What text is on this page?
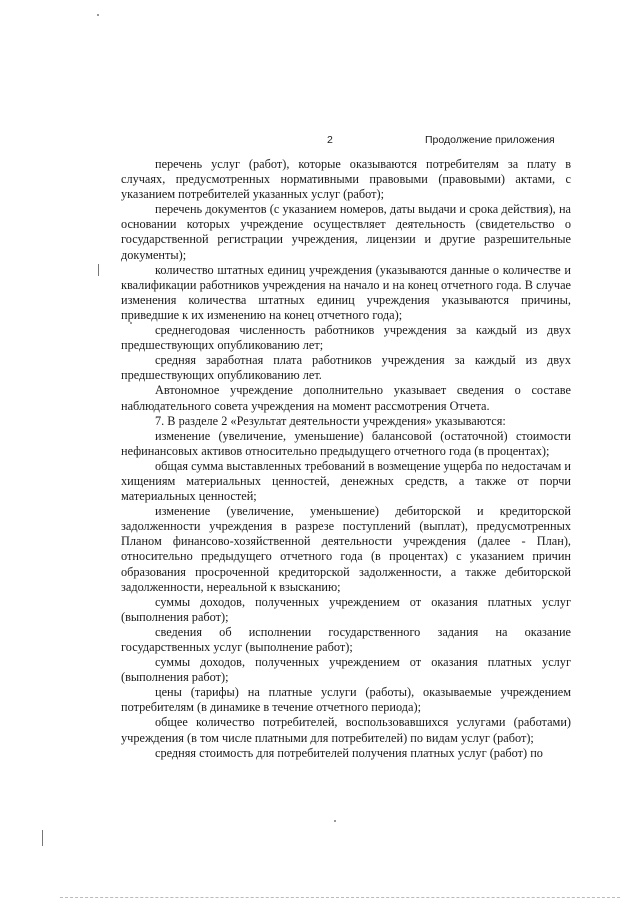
2	Продолжение приложения

перечень услуг (работ), которые оказываются потребителям за плату в случаях, предусмотренных нормативными правовыми (правовыми) актами, с указанием потребителей указанных услуг (работ);

перечень документов (с указанием номеров, даты выдачи и срока действия), на основании которых учреждение осуществляет деятельность (свидетельство о государственной регистрации учреждения, лицензии и другие разрешительные документы);

количество штатных единиц учреждения (указываются данные о количестве и квалификации работников учреждения на начало и на конец отчетного года. В случае изменения количества штатных единиц учреждения указываются причины, приведшие к их изменению на конец отчетного года);

среднегодовая численность работников учреждения за каждый из двух предшествующих опубликованию лет;

средняя заработная плата работников учреждения за каждый из двух предшествующих опубликованию лет.

Автономное учреждение дополнительно указывает сведения о составе наблюдательного совета учреждения на момент рассмотрения Отчета.

7. В разделе 2 «Результат деятельности учреждения» указываются:

изменение (увеличение, уменьшение) балансовой (остаточной) стоимости нефинансовых активов относительно предыдущего отчетного года (в процентах);

общая сумма выставленных требований в возмещение ущерба по недостачам и хищениям материальных ценностей, денежных средств, а также от порчи материальных ценностей;

изменение (увеличение, уменьшение) дебиторской и кредиторской задолженности учреждения в разрезе поступлений (выплат), предусмотренных Планом финансово-хозяйственной деятельности учреждения (далее - План), относительно предыдущего отчетного года (в процентах) с указанием причин образования просроченной кредиторской задолженности, а также дебиторской задолженности, нереальной к взысканию;

суммы доходов, полученных учреждением от оказания платных услуг (выполнения работ);

сведения об исполнении государственного задания на оказание государственных услуг (выполнение работ);

суммы доходов, полученных учреждением от оказания платных услуг (выполнения работ);

цены (тарифы) на платные услуги (работы), оказываемые учреждением потребителям (в динамике в течение отчетного периода);

общее количество потребителей, воспользовавшихся услугами (работами) учреждения (в том числе платными для потребителей) по видам услуг (работ);

средняя стоимость для потребителей получения платных услуг (работ) по
